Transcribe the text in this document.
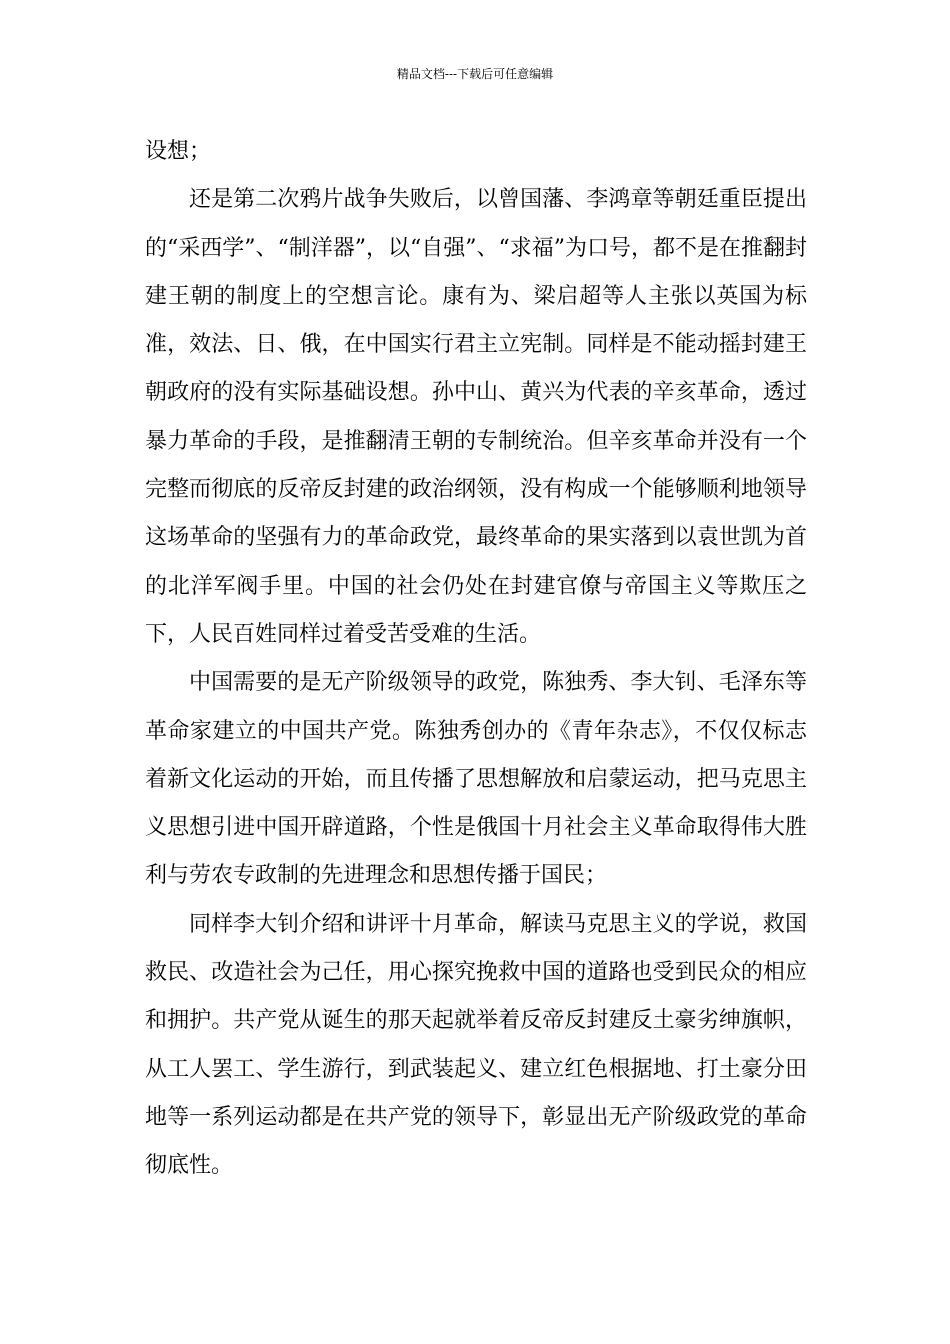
精品文档---下载后可任意编辑

设想；

还是第二次鸦片战争失败后，以曾国藩、李鸿章等朝廷重臣提出的“采西学”、“制洋器”，以“自强”、“求福”为口号，都不是在推翻封建王朝的制度上的空想言论。康有为、梁启超等人主张以英国为标准，效法、日、俄，在中国实行君主立宪制。同样是不能动摇封建王朝政府的没有实际基础设想。孙中山、黄兴为代表的辛亥革命，透过暴力革命的手段，是推翻清王朝的专制统治。但辛亥革命并没有一个完整而彻底的反帝反封建的政治纲领，没有构成一个能够顺利地领导这场革命的坚强有力的革命政党，最终革命的果实落到以袁世凯为首的北洋军阀手里。中国的社会仍处在封建官僚与帝国主义等欺压之下，人民百姓同样过着受苦受难的生活。

中国需要的是无产阶级领导的政党，陈独秀、李大钊、毛泽东等革命家建立的中国共产党。陈独秀创办的《青年杂志》，不仅仅标志着新文化运动的开始，而且传播了思想解放和启蒙运动，把马克思主义思想引进中国开辟道路，个性是俄国十月社会主义革命取得伟大胜利与劳农专政制的先进理念和思想传播于国民；

同样李大钊介绍和讲评十月革命，解读马克思主义的学说，救国救民、改造社会为己任，用心探究挽救中国的道路也受到民众的相应和拥护。共产党从诞生的那天起就举着反帝反封建反土豪劣绅旗帜，从工人罢工、学生游行，到武装起义、建立红色根据地、打土豪分田地等一系列运动都是在共产党的领导下，彰显出无产阶级政党的革命彻底性。
